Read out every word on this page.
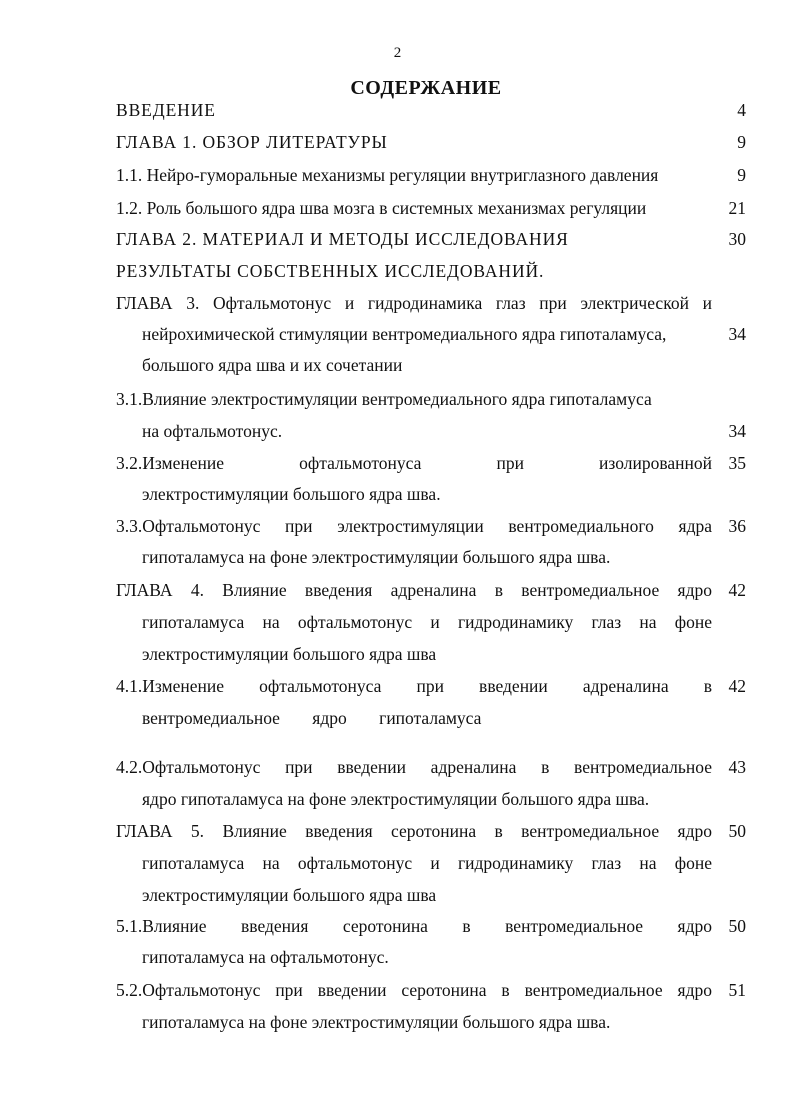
2
СОДЕРЖАНИЕ
ВВЕДЕНИЕ	4
ГЛАВА 1. ОБЗОР ЛИТЕРАТУРЫ	9
1.1. Нейро-гуморальные механизмы регуляции внутриглазного давления	9
1.2. Роль большого ядра шва мозга в системных механизмах регуляции	21
ГЛАВА 2. МАТЕРИАЛ И МЕТОДЫ ИССЛЕДОВАНИЯ	30
РЕЗУЛЬТАТЫ СОБСТВЕННЫХ ИССЛЕДОВАНИЙ.
ГЛАВА 3. Офтальмотонус и гидродинамика глаз при электрической и
нейрохимической стимуляции вентромедиального ядра гипоталамуса,	34
большого ядра шва и их сочетании
3.1.Влияние электростимуляции вентромедиального ядра гипоталамуса
на офтальмотонус.	34
3.2.Изменение офтальмотонуса при изолированной 35
электростимуляции большого ядра шва.
3.3.Офтальмотонус при электростимуляции вентромедиального ядра 36
гипоталамуса на фоне электростимуляции большого ядра шва.
ГЛАВА 4. Влияние введения адреналина в вентромедиальное ядро 42
гипоталамуса на офтальмотонус и гидродинамику глаз на фоне
электростимуляции большого ядра шва
4.1.Изменение офтальмотонуса при введении адреналина в 42
вентромедиальное ядро гипоталамуса
4.2.Офтальмотонус при введении адреналина в вентромедиальное 43
ядро гипоталамуса на фоне электростимуляции большого ядра шва.
ГЛАВА 5. Влияние введения серотонина в вентромедиальное ядро 50
гипоталамуса на офтальмотонус и гидродинамику глаз на фоне
электростимуляции большого ядра шва
5.1.Влияние введения серотонина в вентромедиальное ядро 50
гипоталамуса на офтальмотонус.
5.2.Офтальмотонус при введении серотонина в вентромедиальное ядро 51
гипоталамуса на фоне электростимуляции большого ядра шва.
